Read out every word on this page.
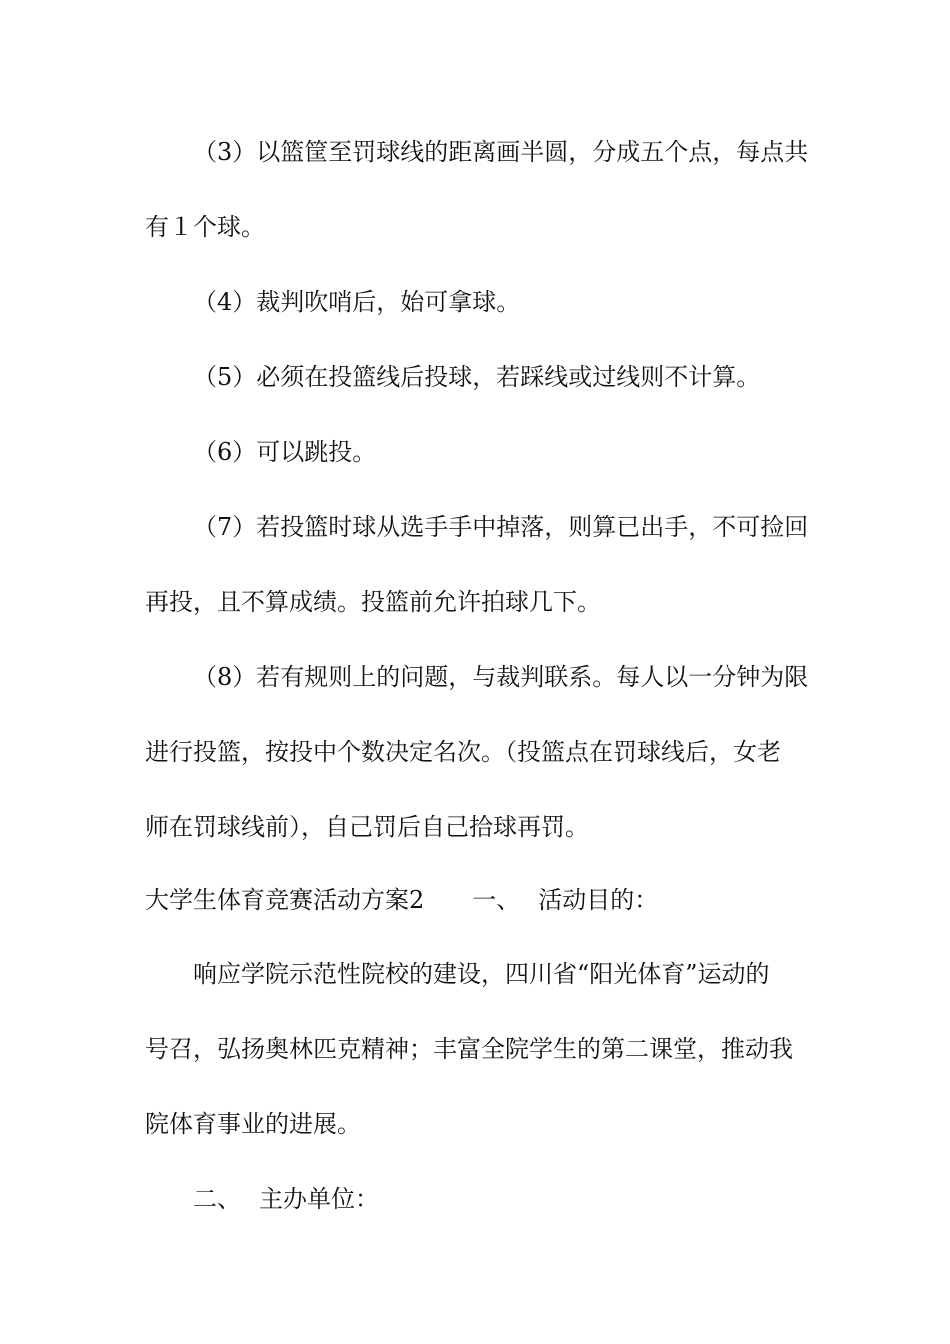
（3）以篮筐至罚球线的距离画半圆，分成五个点，每点共
有１个球。
（4）裁判吹哨后，始可拿球。
（5）必须在投篮线后投球，若踩线或过线则不计算。
（6）可以跳投。
（7）若投篮时球从选手手中掉落，则算已出手，不可捡回
再投，且不算成绩。投篮前允许拍球几下。
（8）若有规则上的问题，与裁判联系。每人以一分钟为限
进行投篮，按投中个数决定名次。（投篮点在罚球线后，女老
师在罚球线前），自己罚后自己拾球再罚。
大学生体育竞赛活动方案2 一、 活动目的：
响应学院示范性院校的建设，四川省“阳光体育”运动的
号召，弘扬奥林匹克精神；丰富全院学生的第二课堂，推动我
院体育事业的进展。
二、 主办单位：
